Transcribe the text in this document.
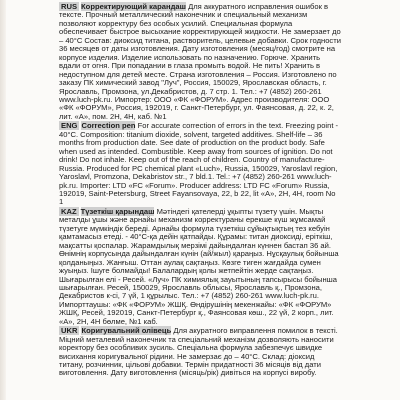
RUS Корректирующий карандаш Для аккуратного исправления ошибок в тексте. Прочный металлический наконечник и специальный механизм позволяют корректуру без особых усилий. Специальная формула обеспечивает быстрое высыхание корректирующей жидкости. Не замерзает до – 40°C Состав: диоксид титана, растворитель, целевые добавки. Срок годности 36 месяцев от даты изготовления. Дату изготовления (месяц/год) смотрите на корпусе изделия. Изделие использовать по назначению. Горюче. Хранить вдали от огня. При попадании в глаза промыть водой. Не пить! Хранить в недоступном для детей месте. Страна изготовления – Россия. Изготовлено по заказу ПК химический завод "Луч", Россия, 150029, Ярославская область, г. Ярославль, Промзона, ул.Декабристов, д. 7 стр. 1. Тел.: +7 (4852) 260-261 www.luch-pk.ru. Импортер: ООО «ФК «ФОРУМ». Адрес производителя: ООО «ФК «ФОРУМ», Россия, 192019, г. Санкт-Петербург, ул. Фаянсовая, д. 22, к. 2, лит. «А», пом. 2Н, 4Н, каб. №1
ENG Correction pen For accurate correction of errors in the text. Freezing point - 40°C. Composition: titanium dioxide, solvent, targeted additives. Shelf-life – 36 months from production date. See date of production on the product body. Safe when used as intended. Combustible. Keep away from sources of ignition. Do not drink! Do not inhale. Keep out of the reach of children. Country of manufacture- Russia. Produced for PC chemical plant «Luch», Russia, 150029, Yaroslavl region, Yaroslavl, Promzona, Dekabristov str., 7 bld.1. Tel.: +7 (4852) 260-261 www.luch-pk.ru. Importer: LTD «FC «Forum». Producer address: LTD FC «Forum» Russia, 192019, Saint-Petersburg, Street Fayansovaya, 22, b 22, lit «A», 2H, 4H, room No 1
KAZ Түзеткіш қарындаш Мәтіндегі қателерді ұқыпты түзету үшін. Мықты металды ұшы және арнайы механизм корректураны ерекше күш жұмсамай түзетуге мүмкіндік береді. Арнайы формула түзеткіш сұйықтықтың тез кебуін қамтамасыз етеді. - 40°С-қа дейін қатпайды. Құрамы: титан диоксиді, еріткіш, мақсатты қоспалар. Жарамдылық мерзімі дайындалған күннен бастап 36 ай. Өнімнің корпусында дайындалған күнін (ай/жыл) қараңыз. Нұсқаулық бойынша қолданыңыз. Жанғыш. Оттан аулақ сақтаңыз. Көзге тиген жағдайда сумен жуыңыз. Ішуге болмайды! Балалардың қолы жетпейтін жерде сақтаңыз. Шығарылған елі - Ресей. «Луч» ПК химиялық зауытының тапсырысы бойынша шығарылған. Ресей, 150029, Ярославль облысы, Ярославль қ., Промзона, Декабристов к-сі, 7 үй, 1 құрылыс. Тел.: +7 (4852) 260-261 www.luch-pk.ru. Импорттаушы: «ФК «ФОРУМ» ЖШҚ. Өндірушінің мекенжайы: «ФК «ФОРУМ» ЖШҚ, Ресей, 192019, Санкт-Петербург қ., Фаянсовая көш., 22 үй, 2 корп., лит. «А», 2Н, 4Н бөлме, №1 каб.
UKR Коригувальний олівець Для акуратного виправлення помилок в тексті. Міцний металевий наконечник та спеціальний механізм дозволяють наносити коректору без особливих зусиль. Спеціальна формула забезпечує швидке висихання коригувальної рідини. Не замерзає до – 40°С. Склад: діоксид титану, розчинник, цільові добавки. Термін придатності 36 місяців від дати виготовлення. Дату виготовлення (місяць/рік) дивіться на корпусі виробу.
